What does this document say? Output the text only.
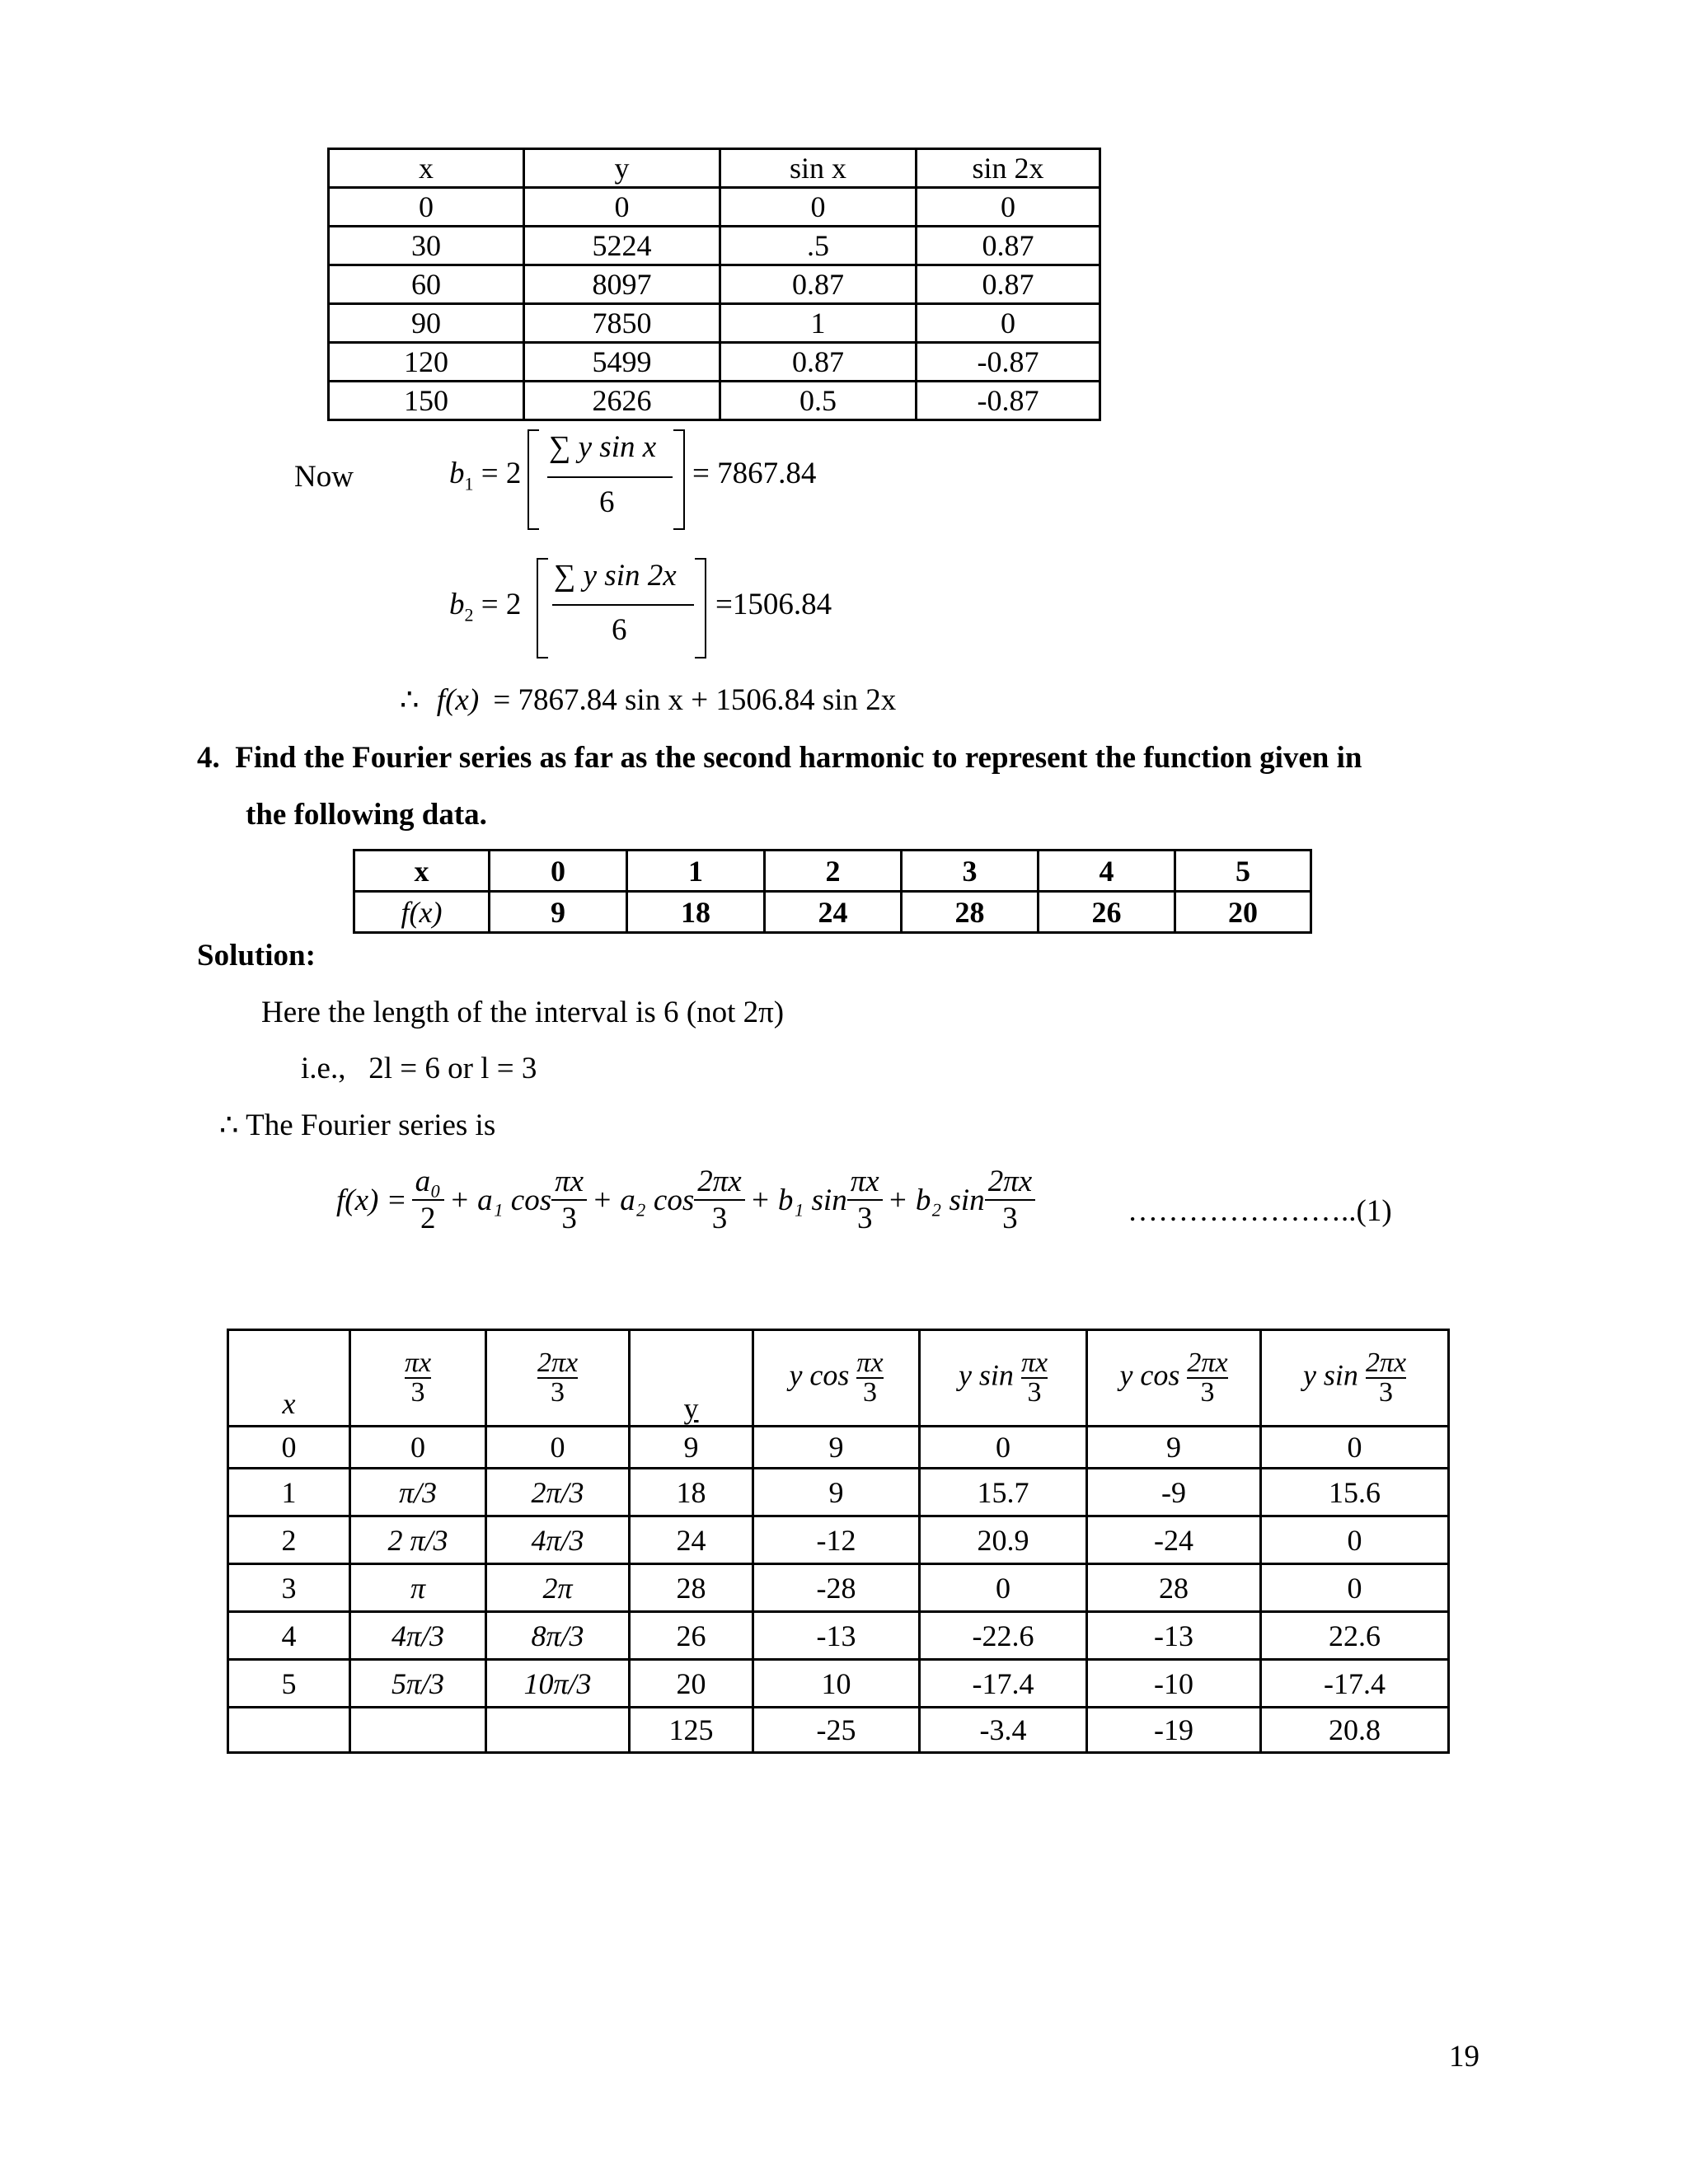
x	y	sin x	sin 2x
0	0	0	0
30	5224	.5	0.87
60	8097	0.87	0.87
90	7850	1	0
120	5499	0.87	-0.87
150	2626	0.5	-0.87
Now	$b_1 = 2$
∑ y sin x
6
= 7867.84
$b_2 = 2$
∑ y sin 2x
6
=1506.84
∴ f(x) = 7867.84 sin x + 1506.84 sin 2x
4.  Find the Fourier series as far as the second harmonic to represent the function given in
the following data.
x	0	1	2	3	4	5
f(x)	9	18	24	28	26	20
Solution:
Here the length of the interval is 6 (not 2π)
i.e.,   2l = 6 or l = 3
∴ The Fourier series is
$f(x) = \frac{\text{a₀}}{2} + a_1$ $\cos \frac{\pi x}{3} + a_2$ $\cos \frac{2\pi x}{3} + b_1$ $\sin \frac{\pi x}{3} + b_2$ $\sin \frac{2\pi x}{3}$	…………………..(1)
x	$\frac{\pi x}{3}$	$\frac{2\pi x}{3}$	y	y $\cos \frac{\pi x}{3}$	y $\sin \frac{\pi x}{3}$	y $\cos \frac{2\pi x}{3}$	y $\sin \frac{2\pi x}{3}$

0	0	0	9	9	0	9	0
1	π/3	2π/3	18	9	15.7	-9	15.6
2	2 π/3	4π/3	24	-12	20.9	-24	0
3	π	2π	28	-28	0	28	0
4	4π/3	8π/3	26	-13	-22.6	-13	22.6
5	5π/3	10π/3	20	10	-17.4	-10	-17.4
			125	-25	-3.4	-19	20.8
19
